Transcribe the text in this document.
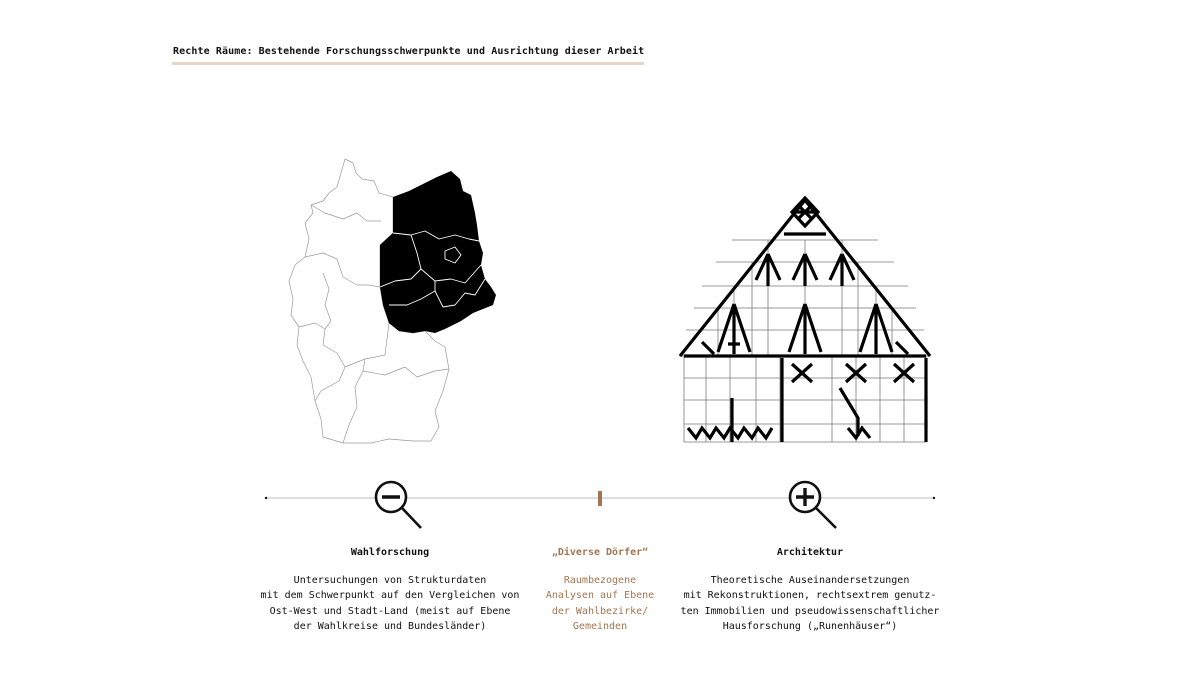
Rechte Räume: Bestehende Forschungsschwerpunkte und Ausrichtung dieser Arbeit
Wahlforschung
Untersuchungen von Strukturdaten
mit dem Schwerpunkt auf den Vergleichen von
Ost-West und Stadt-Land (meist auf Ebene
der Wahlkreise und Bundesländer)
„Diverse Dörfer“
Raumbezogene
Analysen auf Ebene
der Wahlbezirke/
Gemeinden
Architektur
Theoretische Auseinandersetzungen
mit Rekonstruktionen, rechtsextrem genutz-
ten Immobilien und pseudowissenschaftlicher
Hausforschung („Runenhäuser“)
